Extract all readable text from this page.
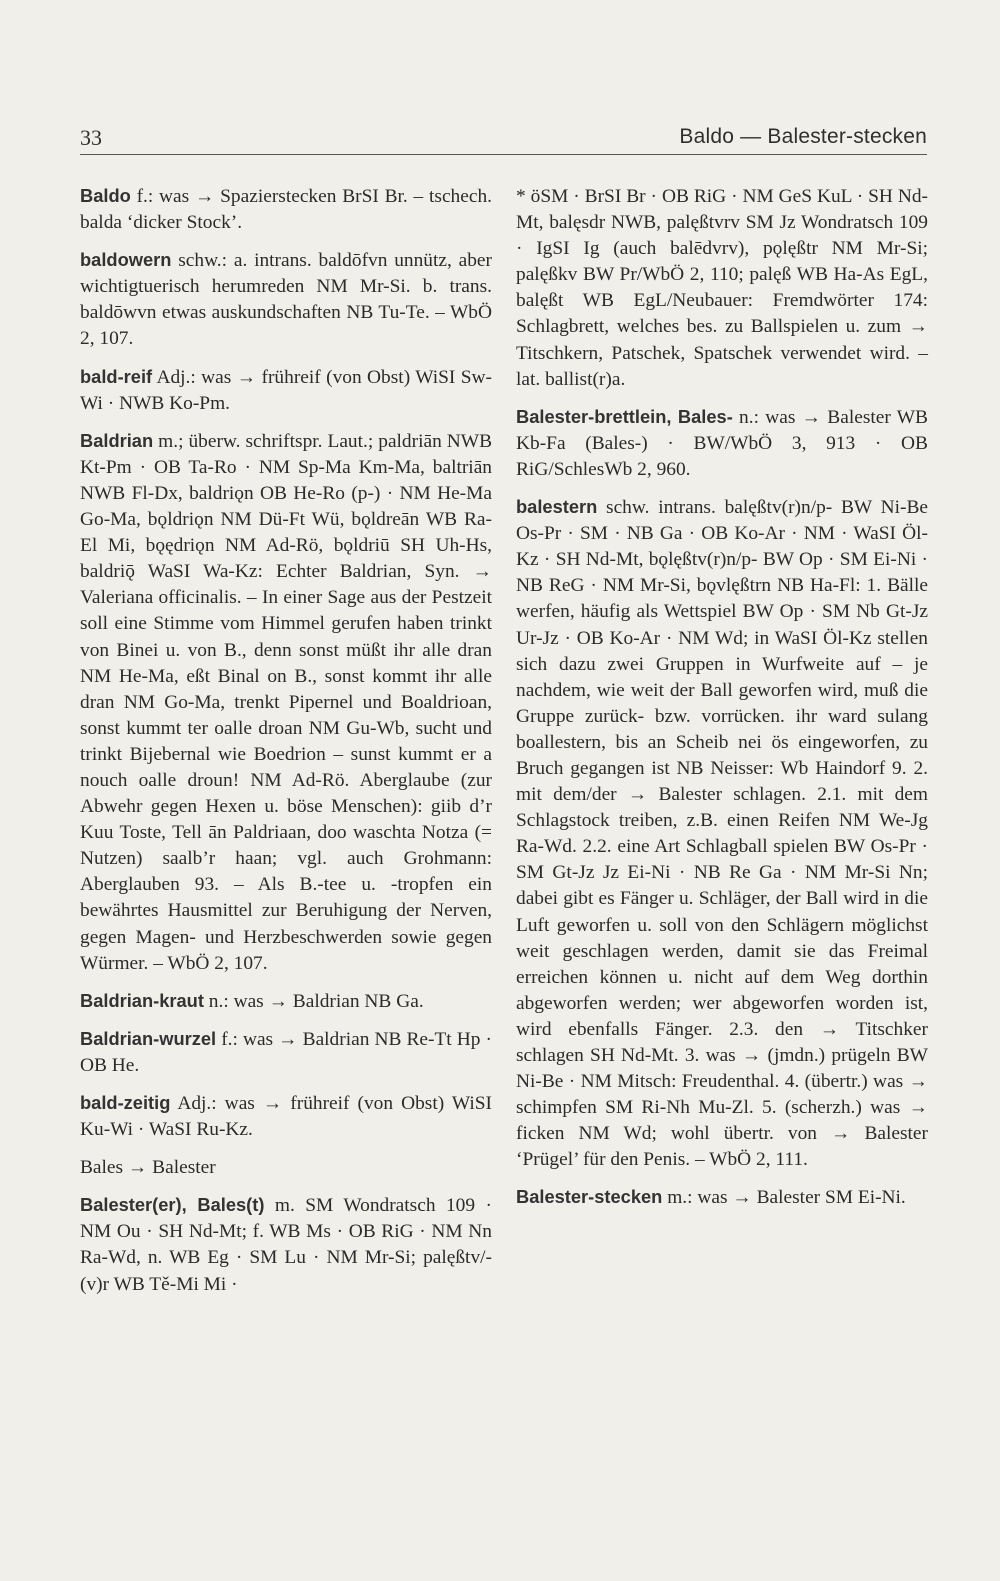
33	Baldo — Balester-stecken

Baldo f.: was → Spazierstecken BrSI Br. – tschech. balda ‘dicker Stock’.

baldowern schw.: a. intrans. baldōfvn unnütz, aber wichtigtuerisch herumreden NM Mr-Si. b. trans. baldōwvn etwas auskundschaften NB Tu-Te. – WbÖ 2, 107.

bald-reif Adj.: was → frühreif (von Obst) WiSI Sw-Wi · NWB Ko-Pm.

Baldrian m.; überw. schriftspr. Laut.; paldriān NWB Kt-Pm · OB Ta-Ro · NM Sp-Ma Km-Ma, baltriān NWB Fl-Dx, baldriǫn OB He-Ro (p-) · NM He-Ma Go-Ma, bǫldriǫn NM Dü-Ft Wü, bǫldreān WB Ra-El Mi, bǫędriǫn NM Ad-Rö, bǫldriū SH Uh-Hs, baldriǭ WaSI Wa-Kz: Echter Baldrian, Syn. → Valeriana officinalis. – In einer Sage aus der Pestzeit soll eine Stimme vom Himmel gerufen haben trinkt von Binei u. von B., denn sonst müßt ihr alle dran NM He-Ma, eßt Binal on B., sonst kommt ihr alle dran NM Go-Ma, trenkt Pipernel und Boaldrioan, sonst kummt ter oalle droan NM Gu-Wb, sucht und trinkt Bijebernal wie Boedrion – sunst kummt er a nouch oalle droun! NM Ad-Rö. Aberglaube (zur Abwehr gegen Hexen u. böse Menschen): giib d’r Kuu Toste, Tell ān Paldriaan, doo waschta Notza (= Nutzen) saalb’r haan; vgl. auch Grohmann: Aberglauben 93. – Als B.-tee u. -tropfen ein bewährtes Hausmittel zur Beruhigung der Nerven, gegen Magen- und Herzbeschwerden sowie gegen Würmer. – WbÖ 2, 107.

Baldrian-kraut n.: was → Baldrian NB Ga.

Baldrian-wurzel f.: was → Baldrian NB Re-Tt Hp · OB He.

bald-zeitig Adj.: was → frühreif (von Obst) WiSI Ku-Wi · WaSI Ru-Kz.

Bales → Balester

Balester(er), Bales(t) m. SM Wondratsch 109 · NM Ou · SH Nd-Mt; f. WB Ms · OB RiG · NM Nn Ra-Wd, n. WB Eg · SM Lu · NM Mr-Si; palęßtv/-(v)r WB Tě-Mi Mi ·

* öSM · BrSI Br · OB RiG · NM GeS KuL · SH Nd-Mt, balęsdr NWB, palęßtvrv SM Jz Wondratsch 109 · IgSI Ig (auch balēdvrv), pǫlęßtr NM Mr-Si; palęßkv BW Pr/WbÖ 2, 110; palęß WB Ha-As EgL, balęßt WB EgL/Neubauer: Fremdwörter 174: Schlagbrett, welches bes. zu Ballspielen u. zum → Titschkern, Patschek, Spatschek verwendet wird. – lat. ballist(r)a.

Balester-brettlein, Bales- n.: was → Balester WB Kb-Fa (Bales-) · BW/WbÖ 3, 913 · OB RiG/SchlesWb 2, 960.

balestern schw. intrans. balęßtv(r)n/p- BW Ni-Be Os-Pr · SM · NB Ga · OB Ko-Ar · NM · WaSI Öl-Kz · SH Nd-Mt, bǫlęßtv(r)n/p- BW Op · SM Ei-Ni · NB ReG · NM Mr-Si, bǫvlęßtrn NB Ha-Fl: 1. Bälle werfen, häufig als Wettspiel BW Op · SM Nb Gt-Jz Ur-Jz · OB Ko-Ar · NM Wd; in WaSI Öl-Kz stellen sich dazu zwei Gruppen in Wurfweite auf – je nachdem, wie weit der Ball geworfen wird, muß die Gruppe zurück- bzw. vorrücken. ihr ward sulang boallestern, bis an Scheib nei ös eingeworfen, zu Bruch gegangen ist NB Neisser: Wb Haindorf 9. 2. mit dem/der → Balester schlagen. 2.1. mit dem Schlagstock treiben, z.B. einen Reifen NM We-Jg Ra-Wd. 2.2. eine Art Schlagball spielen BW Os-Pr · SM Gt-Jz Jz Ei-Ni · NB Re Ga · NM Mr-Si Nn; dabei gibt es Fänger u. Schläger, der Ball wird in die Luft geworfen u. soll von den Schlägern möglichst weit geschlagen werden, damit sie das Freimal erreichen können u. nicht auf dem Weg dorthin abgeworfen werden; wer abgeworfen worden ist, wird ebenfalls Fänger. 2.3. den → Titschker schlagen SH Nd-Mt. 3. was → (jmdn.) prügeln BW Ni-Be · NM Mitsch: Freudenthal. 4. (übertr.) was → schimpfen SM Ri-Nh Mu-Zl. 5. (scherzh.) was → ficken NM Wd; wohl übertr. von → Balester ‘Prügel’ für den Penis. – WbÖ 2, 111.

Balester-stecken m.: was → Balester SM Ei-Ni.
